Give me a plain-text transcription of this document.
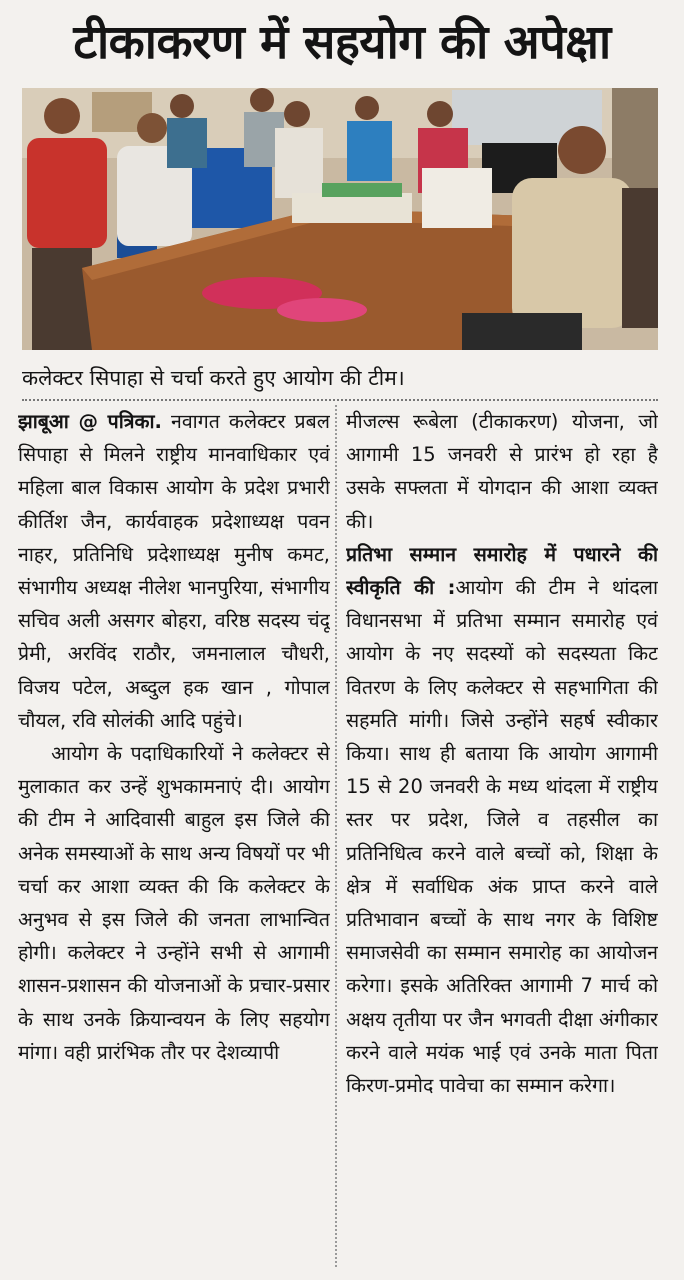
टीकाकरण में सहयोग की अपेक्षा
कलेक्टर सिपाहा से चर्चा करते हुए आयोग की टीम।

झाबूआ @ पत्रिका. नवागत कलेक्टर प्रबल सिपाहा से मिलने राष्ट्रीय मानवाधिकार एवं महिला बाल विकास आयोग के प्रदेश प्रभारी कीर्तिश जैन, कार्यवाहक प्रदेशाध्यक्ष पवन नाहर, प्रतिनिधि प्रदेशाध्यक्ष मुनीष कमट, संभागीय अध्यक्ष नीलेश भानपुरिया, संभागीय सचिव अली असगर बोहरा, वरिष्ठ सदस्य चंदू प्रेमी, अरविंद राठौर, जमनालाल चौधरी, विजय पटेल, अब्दुल हक खान , गोपाल चौयल, रवि सोलंकी आदि पहुंचे।

आयोग के पदाधिकारियों ने कलेक्टर से मुलाकात कर उन्हें शुभकामनाएं दी। आयोग की टीम ने आदिवासी बाहुल इस जिले की अनेक समस्याओं के साथ अन्य विषयों पर भी चर्चा कर आशा व्यक्त की कि कलेक्टर के अनुभव से इस जिले की जनता लाभान्वित होगी। कलेक्टर ने उन्होंने सभी से आगामी शासन-प्रशासन की योजनाओं के प्रचार-प्रसार के साथ उनके क्रियान्वयन के लिए सहयोग मांगा। वही प्रारंभिक तौर पर देशव्यापी

मीजल्स रूबेला (टीकाकरण) योजना, जो आगामी 15 जनवरी से प्रारंभ हो रहा है उसके सफ्लता में योगदान की आशा व्यक्त की।

प्रतिभा सम्मान समारोह में पधारने की स्वीकृति की :आयोग की टीम ने थांदला विधानसभा में प्रतिभा सम्मान समारोह एवं आयोग के नए सदस्यों को सदस्यता किट वितरण के लिए कलेक्टर से सहभागिता की सहमति मांगी। जिसे उन्होंने सहर्ष स्वीकार किया। साथ ही बताया कि आयोग आगामी 15 से 20 जनवरी के मध्य थांदला में राष्ट्रीय स्तर पर प्रदेश, जिले व तहसील का प्रतिनिधित्व करने वाले बच्चों को, शिक्षा के क्षेत्र में सर्वाधिक अंक प्राप्त करने वाले प्रतिभावान बच्चों के साथ नगर के विशिष्ट समाजसेवी का सम्मान समारोह का आयोजन करेगा। इसके अतिरिक्त आगामी 7 मार्च को अक्षय तृतीया पर जैन भगवती दीक्षा अंगीकार करने वाले मयंक भाई एवं उनके माता पिता किरण-प्रमोद पावेचा का सम्मान करेगा।
